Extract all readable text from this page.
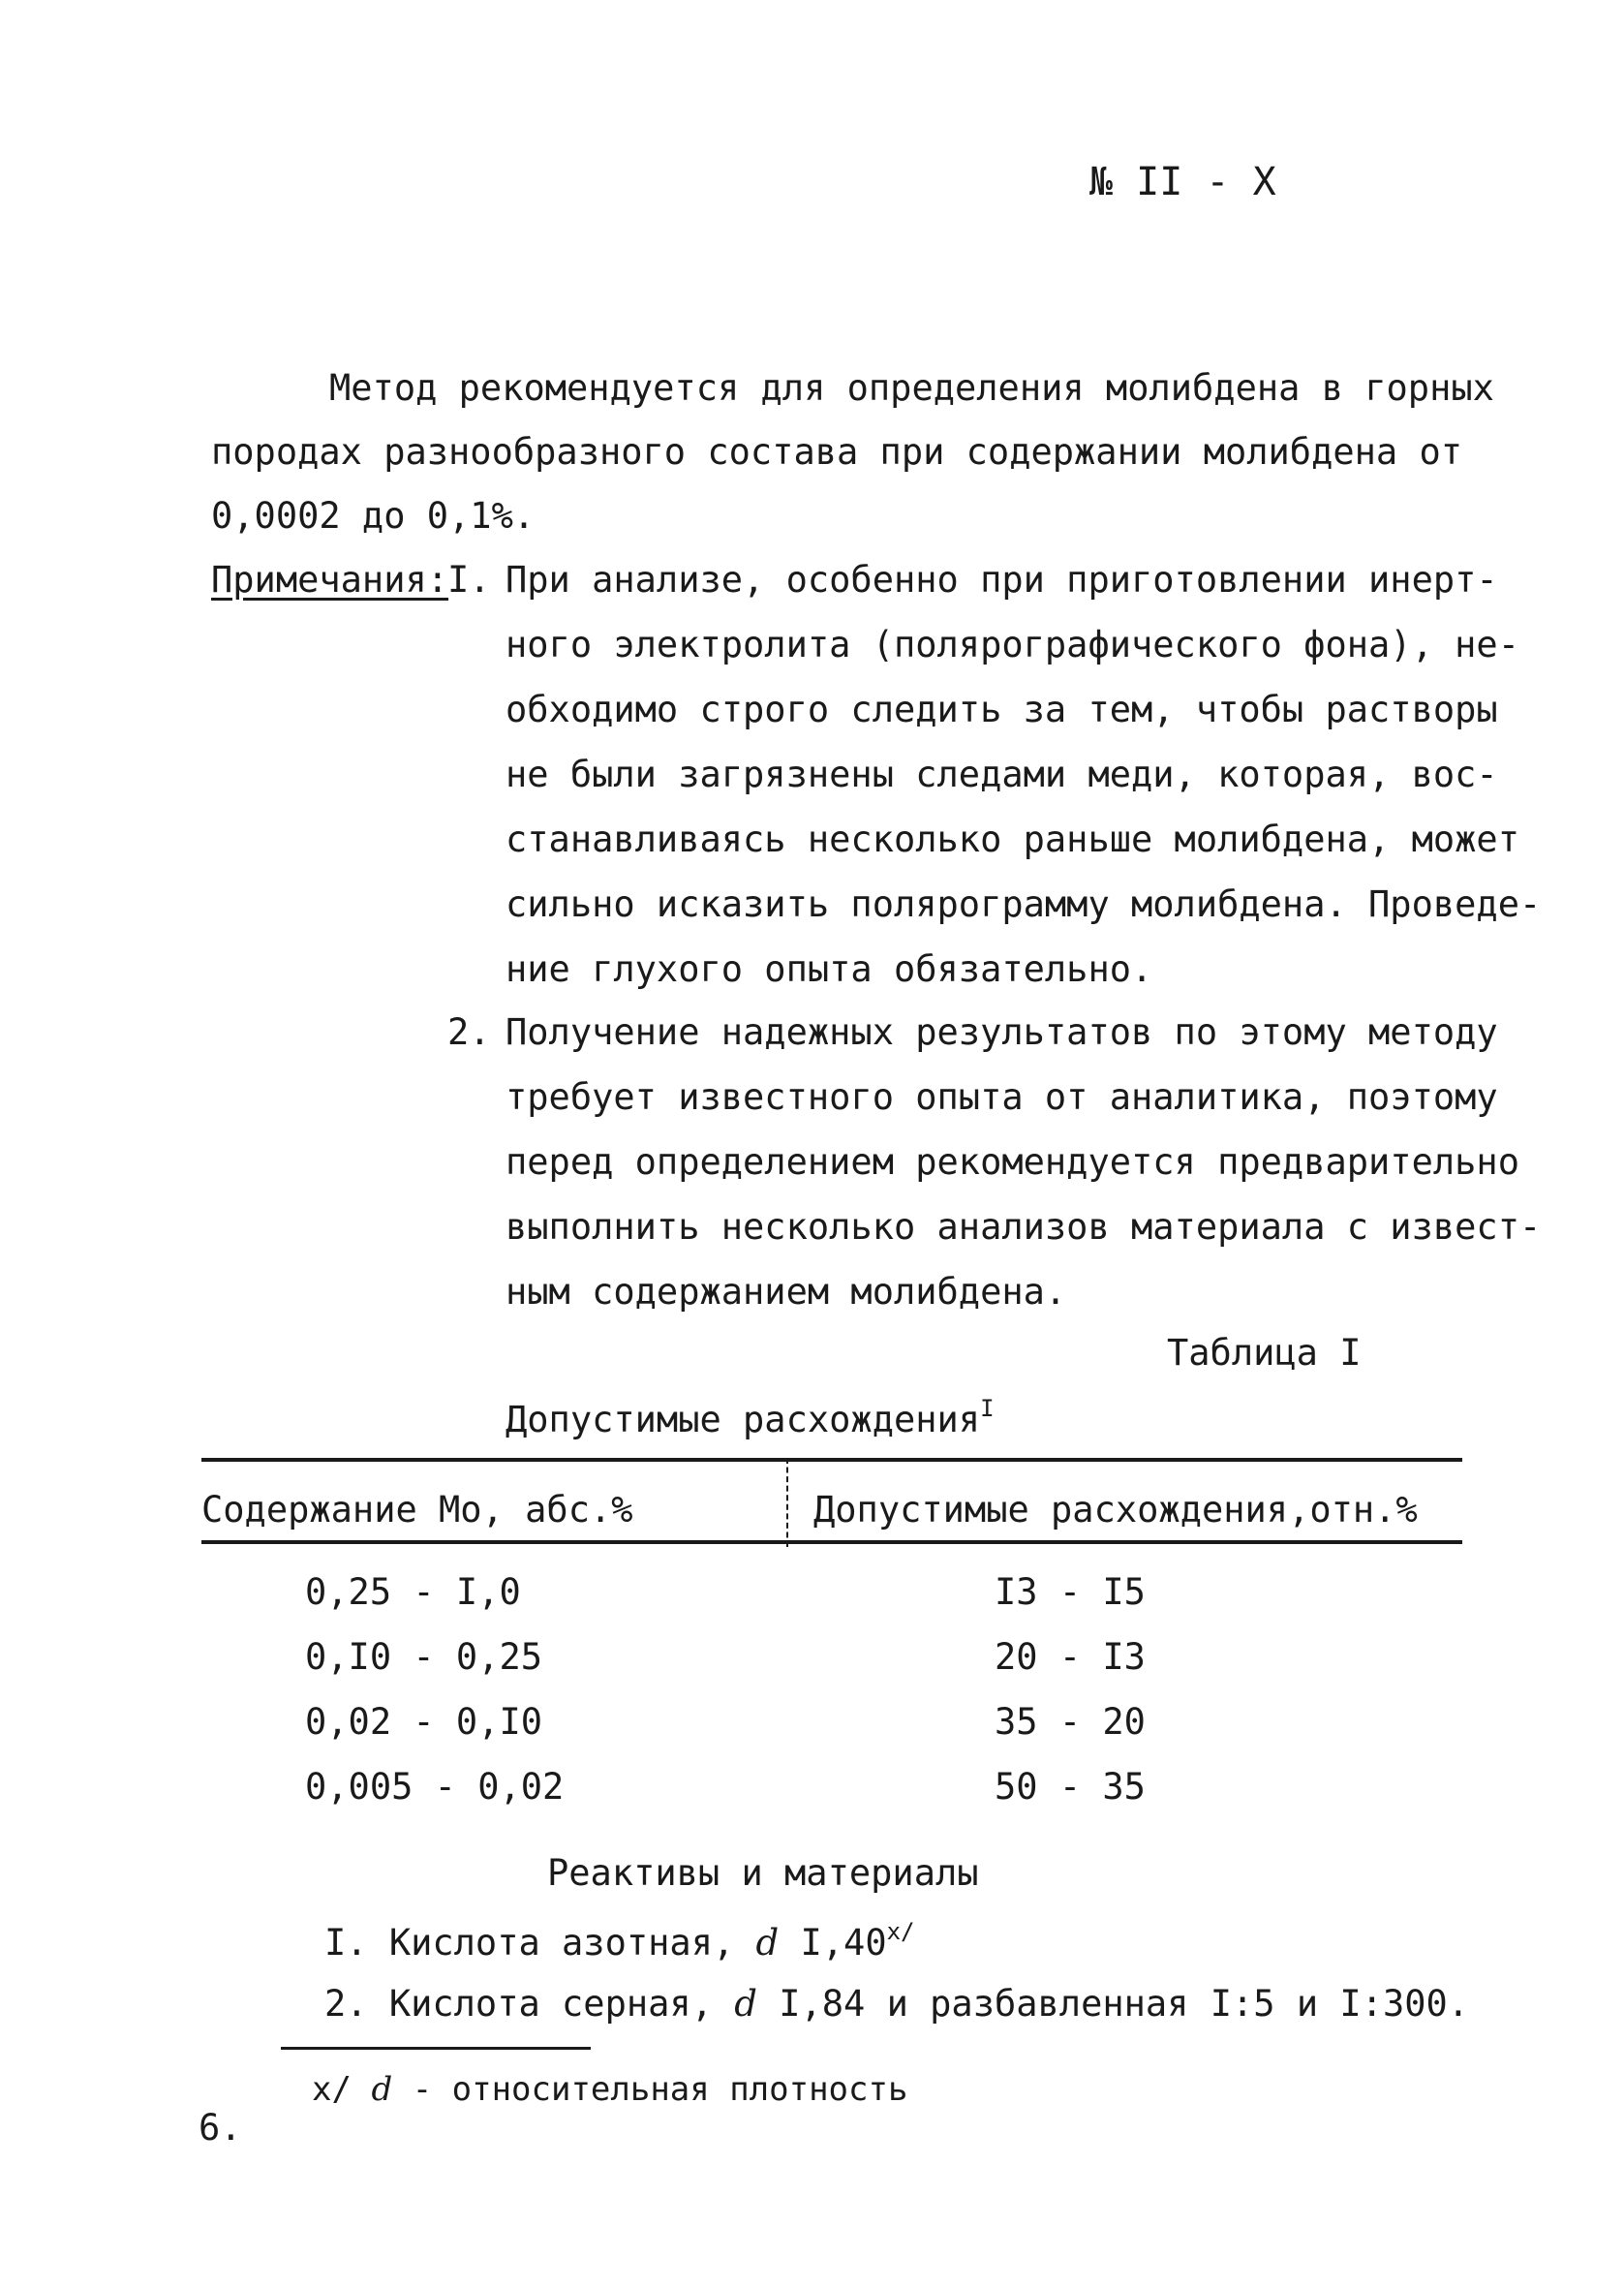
№ II - X
Метод рекомендуется для определения молибдена в горных
породах разнообразного состава при содержании молибдена от
0,0002 до 0,1%.
Примечания:
I. При анализе, особенно при приготовлении инерт-
ного электролита (полярографического фона), не-
обходимо строго следить за тем, чтобы растворы
не были загрязнены следами меди, которая, вос-
станавливаясь несколько раньше молибдена, может
сильно исказить полярограмму молибдена. Проведе-
ние глухого опыта обязательно.
2. Получение надежных результатов по этому методу
требует известного опыта от аналитика, поэтому
перед определением рекомендуется предварительно
выполнить несколько анализов материала с извест-
ным содержанием молибдена.
Таблица I
Допустимые расхождения$^I$
Содержание Мо, абс.%	Допустимые расхождения,отн.%
0,25 - I,0	I3 - I5
0,I0 - 0,25	20 - I3
0,02 - 0,I0	35 - 20
0,005 - 0,02	50 - 35
Реактивы и материалы
I. Кислота азотная, d $I,40^{x/}$
2. Кислота серная, d I,84 и разбавленная I:5 и I:300.
x/ d - относительная плотность
6.
